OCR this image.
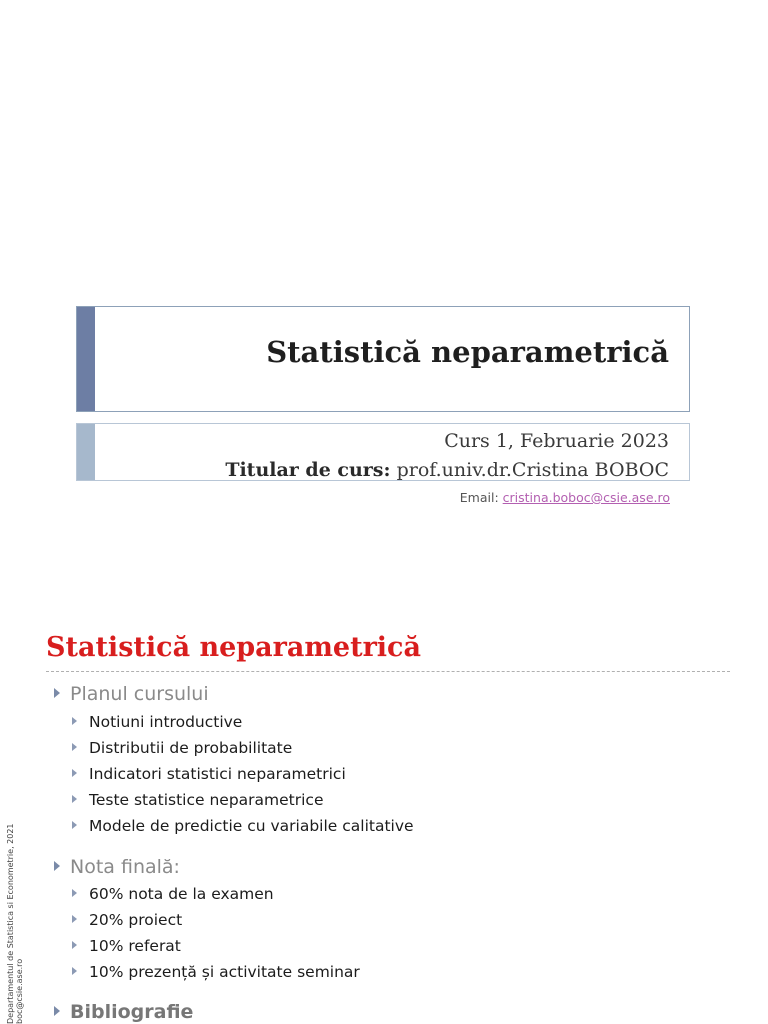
Statistică neparametrică
Curs 1, Februarie 2023
Titular de curs: prof.univ.dr.Cristina BOBOC
Email: cristina.boboc@csie.ase.ro
Statistică neparametrică
Planul cursului
Notiuni introductive
Distributii de probabilitate
Indicatori statistici neparametrici
Teste statistice neparametrice
Modele de predictie cu variabile calitative
Nota finală:
60% nota de la examen
20% proiect
10% referat
10% prezență și activitate seminar
Bibliografie
Departamentul de Statistica si Econometrie, 2021 boc@csie.ase.ro
